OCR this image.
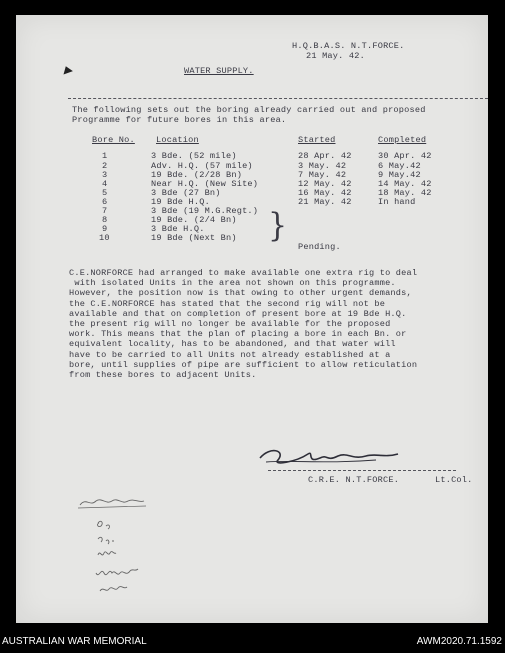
H.Q.B.A.S. N.T.FORCE.
21 May. 42.
WATER SUPPLY.
The following sets out the boring already carried out and proposed
Programme for future bores in this area.
Bore No. Location	Started	Completed
1	3 Bde. (52 mile)	28 Apr. 42	30 Apr. 42
2	Adv. H.Q. (57 mile)	3 May. 42	6 May.42
3	19 Bde. (2/28 Bn)	7 May. 42	9 May.42
4	Near H.Q. (New Site)	12 May. 42	14 May. 42
5	3 Bde (27 Bn)	16 May. 42	18 May. 42
6	19 Bde H.Q.	21 May. 42	In hand
7	3 Bde (19 M.G.Regt.)
8	19 Bde. (2/4 Bn)
9	3 Bde H.Q.
10	19 Bde (Next Bn) }
Pending.
C.E.NORFORCE had arranged to make available one extra rig to deal
with isolated Units in the area not shown on this programme.
However, the position now is that owing to other urgent demands,
the C.E.NORFORCE has stated that the second rig will not be
available and that on completion of present bore at 19 Bde H.Q.
the present rig will no longer be available for the proposed
work. This means that the plan of placing a bore in each Bn. or
equivalent locality, has to be abandoned, and that water will
have to be carried to all Units not already established at a
bore, until supplies of pipe are sufficient to allow reticulation
from these bores to adjacent Units.
C.R.E. N.T.FORCE.	Lt.Col.
AUSTRALIAN WAR MEMORIAL	AWM2020.71.1592
